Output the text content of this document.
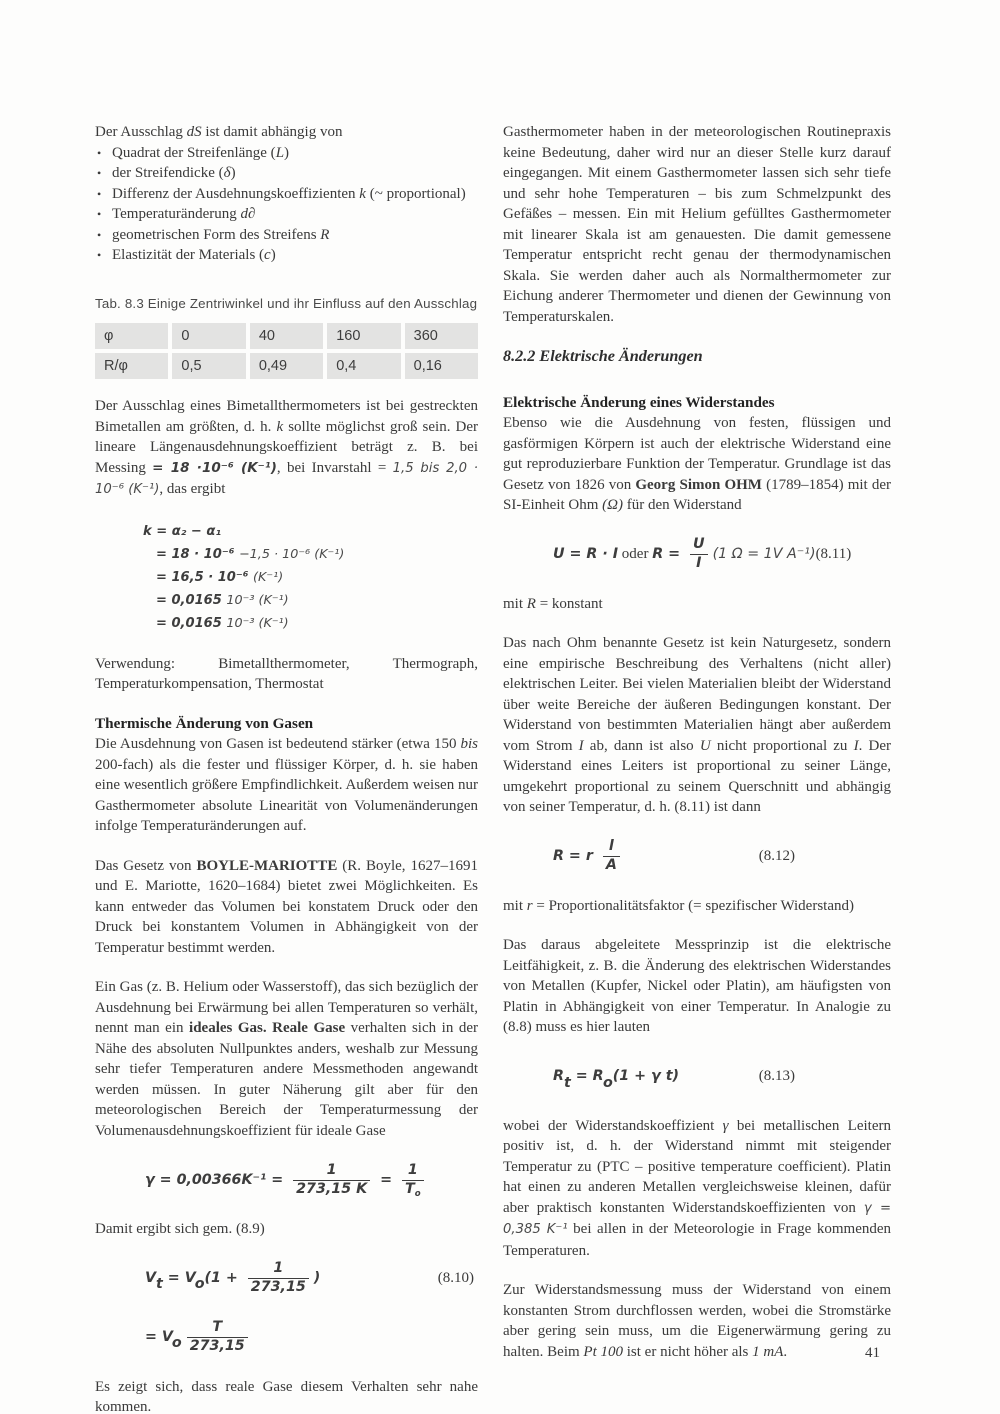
Der Ausschlag dS ist damit abhängig von

• Quadrat der Streifenlänge (L)
• der Streifendicke (δ)
• Differenz der Ausdehnungskoeffizienten k (~ proportional)
• Temperaturänderung d∂
• geometrischen Form des Streifens R
• Elastizität der Materials (c)
Tab. 8.3 Einige Zentriwinkel und ihr Einfluss auf den Ausschlag
φ	0	40	160	360
R/φ	0,5	0,49	0,4	0,16

Der Ausschlag eines Bimetallthermometers ist bei gestreckten Bimetallen am größten, d. h. k sollte möglichst groß sein. Der lineare Längenausdehnungskoeffizient beträgt z. B. bei Messing = 18 ·10⁻⁶ (K⁻¹), bei Invarstahl = 1,5 bis 2,0 · 10⁻⁶ (K⁻¹), das ergibt

k = α₂ − α₁
= 18 · 10⁻⁶ −1,5 · 10⁻⁶ (K⁻¹)
= 16,5 · 10⁻⁶ (K⁻¹)
= 0,0165 10⁻³ (K⁻¹)
= 0,0165 10⁻³ (K⁻¹)

Verwendung: Bimetallthermometer, Thermograph, Temperaturkompensation, Thermostat

Thermische Änderung von Gasen

Die Ausdehnung von Gasen ist bedeutend stärker (etwa 150 bis 200-fach) als die fester und flüssiger Körper, d. h. sie haben eine wesentlich größere Empfindlichkeit. Außerdem weisen nur Gasthermometer absolute Linearität von Volumenänderungen infolge Temperaturänderungen auf.

Das Gesetz von BOYLE-MARIOTTE (R. Boyle, 1627–1691 und E. Mariotte, 1620–1684) bietet zwei Möglichkeiten. Es kann entweder das Volumen bei konstatem Druck oder den Druck bei konstantem Volumen in Abhängigkeit von der Temperatur bestimmt werden.

Ein Gas (z. B. Helium oder Wasserstoff), das sich bezüglich der Ausdehnung bei Erwärmung bei allen Temperaturen so verhält, nennt man ein ideales Gas. Reale Gase verhalten sich in der Nähe des absoluten Nullpunktes anders, weshalb zur Messung sehr tiefer Temperaturen andere Messmethoden angewandt werden müssen. In guter Näherung gilt aber für den meteorologischen Bereich der Temperaturmessung der Volumenausdehnungskoeffizient für ideale Gase

$\gamma = 0,00366K^{-1} = \frac{1}{273,15 K} = \frac{1}{T_o}$

Damit ergibt sich gem. (8.9)

$Vt = Vo(1 + \frac{1}{273,15}$ )	(8.10)
= Vo $\frac{T}{273,15}$

Es zeigt sich, dass reale Gase diesem Verhalten sehr nahe kommen.

Gasthermometer haben in der meteorologischen Routinepraxis keine Bedeutung, daher wird nur an dieser Stelle kurz darauf eingegangen. Mit einem Gasthermometer lassen sich sehr tiefe und sehr hohe Temperaturen – bis zum Schmelzpunkt des Gefäßes – messen. Ein mit Helium gefülltes Gasthermometer mit linearer Skala ist am genauesten. Die damit gemessene Temperatur entspricht recht genau der thermodynamischen Skala. Sie werden daher auch als Normalthermometer zur Eichung anderer Thermometer und dienen der Gewinnung von Temperaturskalen.

8.2.2 Elektrische Änderungen
Elektrische Änderung eines Widerstandes

Ebenso wie die Ausdehnung von festen, flüssigen und gasförmigen Körpern ist auch der elektrische Widerstand eine gut reproduzierbare Funktion der Temperatur. Grundlage ist das Gesetz von 1826 von Georg Simon OHM (1789–1854) mit der SI-Einheit Ohm (Ω) für den Widerstand

U = R · I oder $R = \frac{U}{I} (1$ Ω = 1V A⁻¹) (8.11)

mit R = konstant

Das nach Ohm benannte Gesetz ist kein Naturgesetz, sondern eine empirische Beschreibung des Verhaltens (nicht aller) elektrischen Leiter. Bei vielen Materialien bleibt der Widerstand über weite Bereiche der äußeren Bedingungen konstant. Der Widerstand von bestimmten Materialien hängt aber außerdem vom Strom I ab, dann ist also U nicht proportional zu I. Der Widerstand eines Leiters ist proportional zu seiner Länge, umgekehrt proportional zu seinem Querschnitt und abhängig von seiner Temperatur, d. h. (8.11) ist dann

R = r $\frac{l}{A}$	(8.12)

mit r = Proportionalitätsfaktor (= spezifischer Widerstand)

Das daraus abgeleitete Messprinzip ist die elektrische Leitfähigkeit, z. B. die Änderung des elektrischen Widerstandes von Metallen (Kupfer, Nickel oder Platin), am häufigsten von Platin in Abhängigkeit von einer Temperatur. In Analogie zu (8.8) muss es hier lauten

Rt = Ro(1 + γ t)	(8.13)

wobei der Widerstandskoeffizient γ bei metallischen Leitern positiv ist, d. h. der Widerstand nimmt mit steigender Temperatur zu (PTC – positive temperature coefficient). Platin hat einen zu anderen Metallen vergleichsweise kleinen, dafür aber praktisch konstanten Widerstandskoeffizienten von γ = 0,385 K⁻¹ bei allen in der Meteorologie in Frage kommenden Temperaturen.

Zur Widerstandsmessung muss der Widerstand von einem konstanten Strom durchflossen werden, wobei die Stromstärke aber gering sein muss, um die Eigenerwärmung gering zu halten. Beim Pt 100 ist er nicht höher als 1 mA.	41
